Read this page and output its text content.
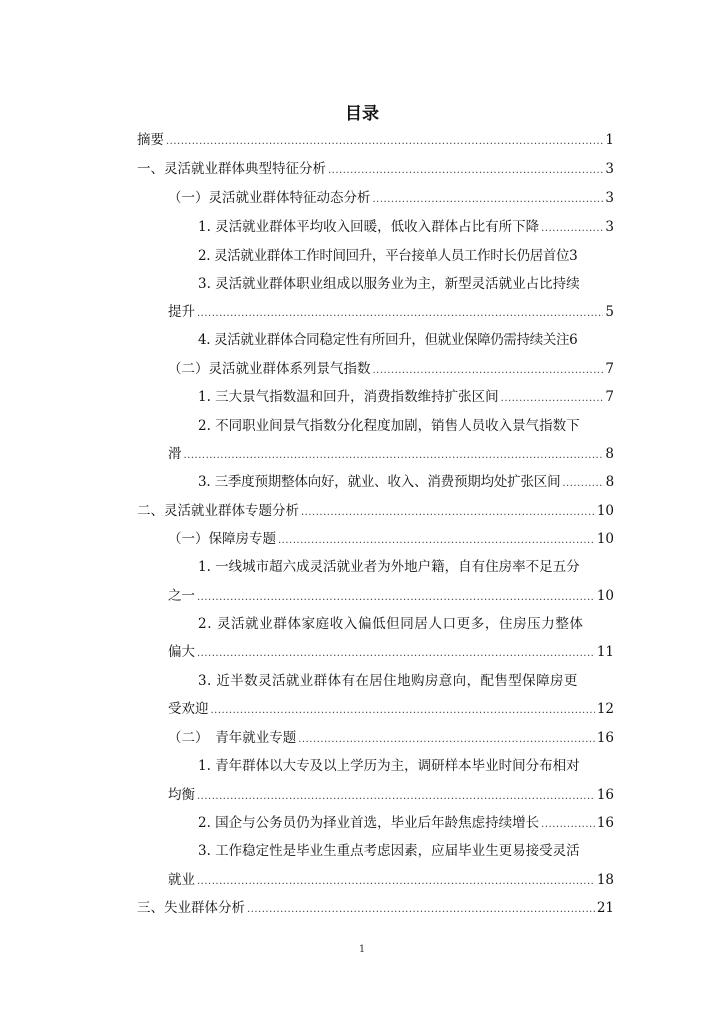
目录
摘要 .....	1
一、灵活就业群体典型特征分析 .....	3
（一）灵活就业群体特征动态分析 .....	3
1. 灵活就业群体平均收入回暖，低收入群体占比有所下降 .....	3
2. 灵活就业群体工作时间回升，平台接单人员工作时长仍居首位 3
3. 灵活就业群体职业组成以服务业为主，新型灵活就业占比持续
提升 .....	5
4. 灵活就业群体合同稳定性有所回升，但就业保障仍需持续关注 6
（二）灵活就业群体系列景气指数 .....	7
1. 三大景气指数温和回升，消费指数维持扩张区间 .....	7
2. 不同职业间景气指数分化程度加剧，销售人员收入景气指数下
滑 .....	8
3. 三季度预期整体向好，就业、收入、消费预期均处扩张区间 .....	8
二、灵活就业群体专题分析 .....	10
（一）保障房专题 .....	10
1. 一线城市超六成灵活就业者为外地户籍，自有住房率不足五分
之一 .....	10
2. 灵活就业群体家庭收入偏低但同居人口更多，住房压力整体
偏大 .....	11
3. 近半数灵活就业群体有在居住地购房意向，配售型保障房更
受欢迎 .....	12
（二）　青年就业专题 .....	16
1. 青年群体以大专及以上学历为主，调研样本毕业时间分布相对
均衡 .....	16
2. 国企与公务员仍为择业首选，毕业后年龄焦虑持续增长 .....	16
3. 工作稳定性是毕业生重点考虑因素，应届毕业生更易接受灵活
就业 .....	18
三、失业群体分析 .....	21
1
